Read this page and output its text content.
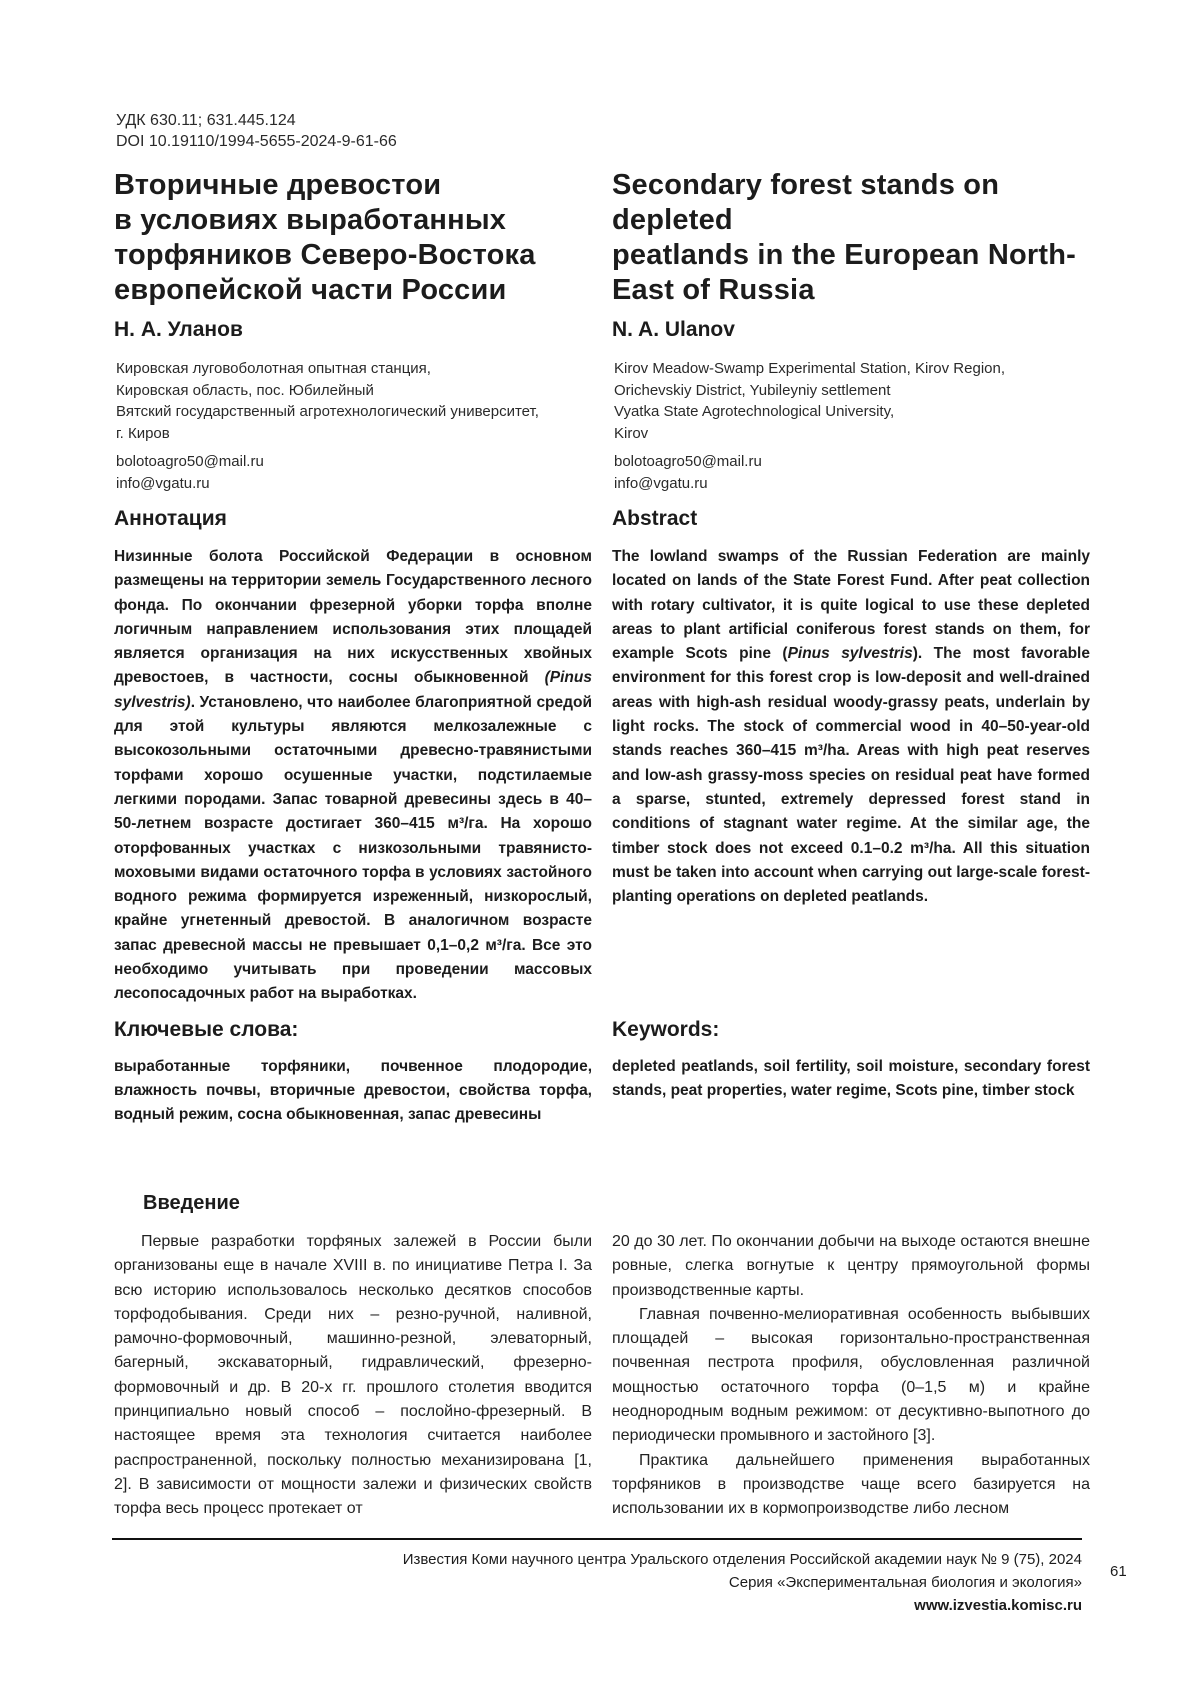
УДК 630.11; 631.445.124
DOI 10.19110/1994-5655-2024-9-61-66
Вторичные древостои
в условиях выработанных
торфяников Северо-Востока
европейской части России
Н. А. Уланов
Кировская луговоболотная опытная станция,
Кировская область, пос. Юбилейный
Вятский государственный агротехнологический университет,
г. Киров
bolotoagro50@mail.ru
info@vgatu.ru
Аннотация
Низинные болота Российской Федерации в основном размещены на территории земель Государственного лесного фонда. По окончании фрезерной уборки торфа вполне логичным направлением использования этих площадей является организация на них искусственных хвойных древостоев, в частности, сосны обыкновенной (Pinus sylvestris). Установлено, что наиболее благоприятной средой для этой культуры являются мелкозалежные с высокозольными остаточными древесно-травянистыми торфами хорошо осушенные участки, подстилаемые легкими породами. Запас товарной древесины здесь в 40–50-летнем возрасте достигает 360–415 м³/га. На хорошо оторфованных участках с низкозольными травянисто-моховыми видами остаточного торфа в условиях застойного водного режима формируется изреженный, низкорослый, крайне угнетенный древостой. В аналогичном возрасте запас древесной массы не превышает 0,1–0,2 м³/га. Все это необходимо учитывать при проведении массовых лесопосадочных работ на выработках.
Ключевые слова:
выработанные торфяники, почвенное плодородие, влажность почвы, вторичные древостои, свойства торфа, водный режим, сосна обыкновенная, запас древесины
Secondary forest stands on depleted
peatlands in the European North-
East of Russia
N. A. Ulanov
Kirov Meadow-Swamp Experimental Station, Kirov Region,
Orichevskiy District, Yubileyniy settlement
Vyatka State Agrotechnological University,
Kirov
bolotoagro50@mail.ru
info@vgatu.ru
Abstract
The lowland swamps of the Russian Federation are mainly located on lands of the State Forest Fund. After peat collection with rotary cultivator, it is quite logical to use these depleted areas to plant artificial coniferous forest stands on them, for example Scots pine (Pinus sylvestris). The most favorable environment for this forest crop is low-deposit and well-drained areas with high-ash residual woody-grassy peats, underlain by light rocks. The stock of commercial wood in 40–50-year-old stands reaches 360–415 m³/ha. Areas with high peat reserves and low-ash grassy-moss species on residual peat have formed a sparse, stunted, extremely depressed forest stand in conditions of stagnant water regime. At the similar age, the timber stock does not exceed 0.1–0.2 m³/ha. All this situation must be taken into account when carrying out large-scale forest-planting operations on depleted peatlands.
Keywords:
depleted peatlands, soil fertility, soil moisture, secondary forest stands, peat properties, water regime, Scots pine, timber stock
Введение

Первые разработки торфяных залежей в России были организованы еще в начале XVIII в. по инициативе Петра I. За всю историю использовалось несколько десятков способов торфодобывания. Среди них – резно-ручной, наливной, рамочно-формовочный, машинно-резной, элеваторный, багерный, экскаваторный, гидравлический, фрезерно-формовочный и др. В 20-х гг. прошлого столетия вводится принципиально новый способ – послойно-фрезерный. В настоящее время эта технология считается наиболее распространенной, поскольку полностью механизирована [1, 2]. В зависимости от мощности залежи и физических свойств торфа весь процесс протекает от

20 до 30 лет. По окончании добычи на выходе остаются внешне ровные, слегка вогнутые к центру прямоугольной формы производственные карты.

Главная почвенно-мелиоративная особенность выбывших площадей – высокая горизонтально-пространственная почвенная пестрота профиля, обусловленная различной мощностью остаточного торфа (0–1,5 м) и крайне неоднородным водным режимом: от десуктивно-выпотного до периодически промывного и застойного [3].

Практика дальнейшего применения выработанных торфяников в производстве чаще всего базируется на использовании их в кормопроизводстве либо лесном

Известия Коми научного центра Уральского отделения Российской академии наук № 9 (75), 2024
Серия «Экспериментальная биология и экология»
www.izvestia.komisc.ru
61
